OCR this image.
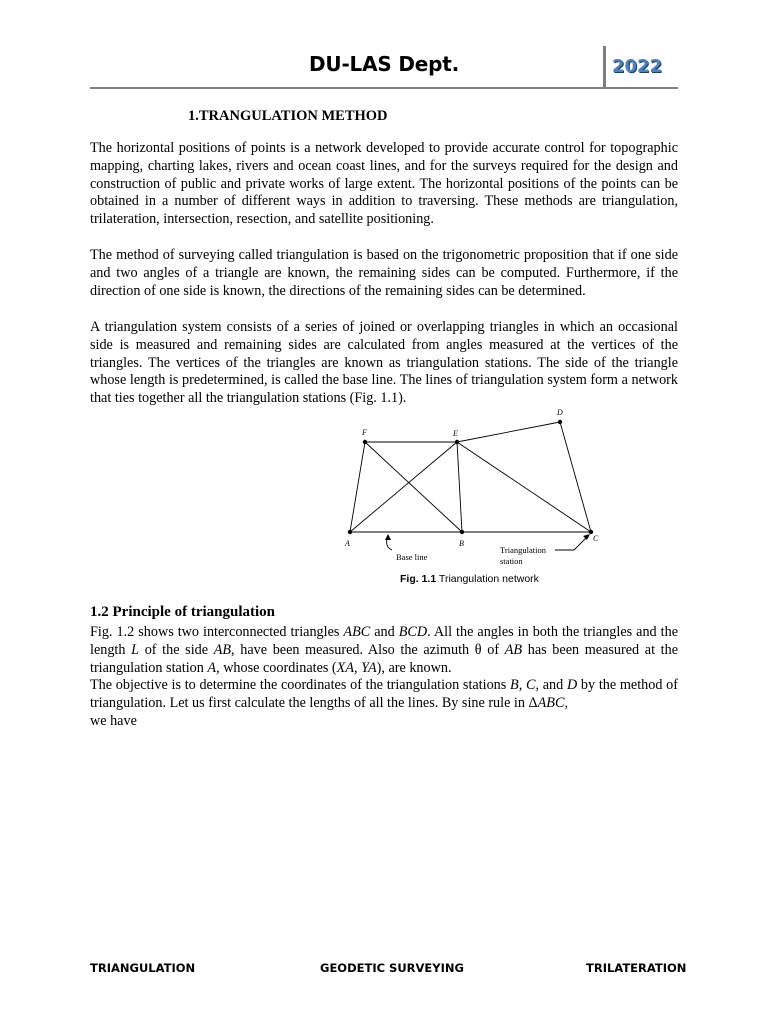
DU-LAS Dept.	2022
1.TRANGULATION METHOD

The horizontal positions of points is a network developed to provide accurate control for topographic mapping, charting lakes, rivers and ocean coast lines, and for the surveys required for the design and construction of public and private works of large extent. The horizontal positions of the points can be obtained in a number of different ways in addition to traversing. These methods are triangulation, trilateration, intersection, resection, and satellite positioning.

The method of surveying called triangulation is based on the trigonometric proposition that if one side and two angles of a triangle are known, the remaining sides can be computed. Furthermore, if the direction of one side is known, the directions of the remaining sides can be determined.

A triangulation system consists of a series of joined or overlapping triangles in which an occasional side is measured and remaining sides are calculated from angles measured at the vertices of the triangles. The vertices of the triangles are known as triangulation stations. The side of the triangle whose length is predetermined, is called the base line. The lines of triangulation system form a network that ties together all the triangulation stations (Fig. 1.1).

A	B
C
D
E
F
Base line
Triangulation
station
Fig. 1.1 Triangulation network
1.2 Principle of triangulation

Fig. 1.2 shows two interconnected triangles ABC and BCD. All the angles in both the triangles and the length L of the side AB, have been measured. Also the azimuth θ of AB has been measured at the triangulation station A, whose coordinates (XA, YA), are known.
The objective is to determine the coordinates of the triangulation stations B, C, and D by the method of triangulation. Let us first calculate the lengths of all the lines. By sine rule in ΔABC,
we have

TRIANGULATION	GEODETIC SURVEYING	TRILATERATION
